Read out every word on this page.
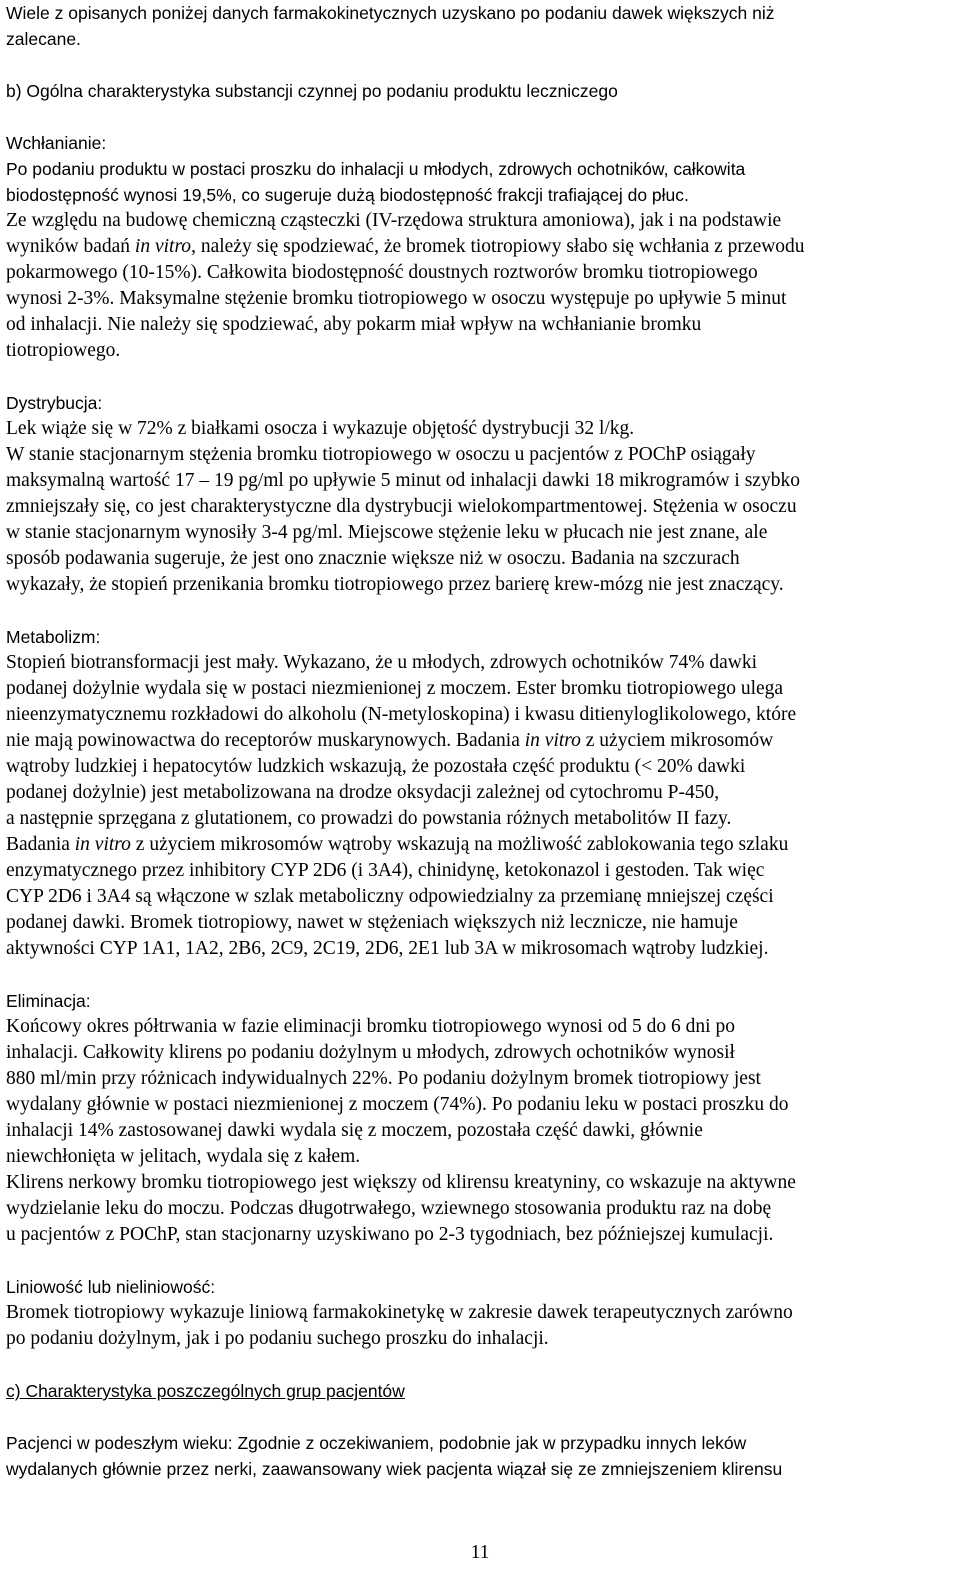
Wiele z opisanych poniżej danych farmakokinetycznych uzyskano po podaniu dawek większych niż
zalecane.
b) Ogólna charakterystyka substancji czynnej po podaniu produktu leczniczego
Wchłanianie:
Po podaniu produktu w postaci proszku do inhalacji u młodych, zdrowych ochotników, całkowita
biodostępność wynosi 19,5%, co sugeruje dużą biodostępność frakcji trafiającej do płuc.
Ze względu na budowę chemiczną cząsteczki (IV-rzędowa struktura amoniowa), jak i na podstawie
wyników badań in vitro, należy się spodziewać, że bromek tiotropiowy słabo się wchłania z przewodu
pokarmowego (10-15%). Całkowita biodostępność doustnych roztworów bromku tiotropiowego
wynosi 2-3%. Maksymalne stężenie bromku tiotropiowego w osoczu występuje po upływie 5 minut
od inhalacji. Nie należy się spodziewać, aby pokarm miał wpływ na wchłanianie bromku
tiotropiowego.
Dystrybucja:
Lek wiąże się w 72% z białkami osocza i wykazuje objętość dystrybucji 32 l/kg.
W stanie stacjonarnym stężenia bromku tiotropiowego w osoczu u pacjentów z POChP osiągały
maksymalną wartość 17 – 19 pg/ml po upływie 5 minut od inhalacji dawki 18 mikrogramów i szybko
zmniejszały się, co jest charakterystyczne dla dystrybucji wielokompartmentowej. Stężenia w osoczu
w stanie stacjonarnym wynosiły 3-4 pg/ml. Miejscowe stężenie leku w płucach nie jest znane, ale
sposób podawania sugeruje, że jest ono znacznie większe niż w osoczu. Badania na szczurach
wykazały, że stopień przenikania bromku tiotropiowego przez barierę krew-mózg nie jest znaczący.
Metabolizm:
Stopień biotransformacji jest mały. Wykazano, że u młodych, zdrowych ochotników 74% dawki
podanej dożylnie wydala się w postaci niezmienionej z moczem. Ester bromku tiotropiowego ulega
nieenzymatycznemu rozkładowi do alkoholu (N-metyloskopina) i kwasu ditienyloglikolowego, które
nie mają powinowactwa do receptorów muskarynowych. Badania in vitro z użyciem mikrosomów
wątroby ludzkiej i hepatocytów ludzkich wskazują, że pozostała część produktu (< 20% dawki
podanej dożylnie) jest metabolizowana na drodze oksydacji zależnej od cytochromu P-450,
a następnie sprzęgana z glutationem, co prowadzi do powstania różnych metabolitów II fazy.
Badania in vitro z użyciem mikrosomów wątroby wskazują na możliwość zablokowania tego szlaku
enzymatycznego przez inhibitory CYP 2D6 (i 3A4), chinidynę, ketokonazol i gestoden. Tak więc
CYP 2D6 i 3A4 są włączone w szlak metaboliczny odpowiedzialny za przemianę mniejszej części
podanej dawki. Bromek tiotropiowy, nawet w stężeniach większych niż lecznicze, nie hamuje
aktywności CYP 1A1, 1A2, 2B6, 2C9, 2C19, 2D6, 2E1 lub 3A w mikrosomach wątroby ludzkiej.
Eliminacja:
Końcowy okres półtrwania w fazie eliminacji bromku tiotropiowego wynosi od 5 do 6 dni po
inhalacji. Całkowity klirens po podaniu dożylnym u młodych, zdrowych ochotników wynosił
880 ml/min przy różnicach indywidualnych 22%. Po podaniu dożylnym bromek tiotropiowy jest
wydalany głównie w postaci niezmienionej z moczem (74%). Po podaniu leku w postaci proszku do
inhalacji 14% zastosowanej dawki wydala się z moczem, pozostała część dawki, głównie
niewchłonięta w jelitach, wydala się z kałem.
Klirens nerkowy bromku tiotropiowego jest większy od klirensu kreatyniny, co wskazuje na aktywne
wydzielanie leku do moczu. Podczas długotrwałego, wziewnego stosowania produktu raz na dobę
u pacjentów z POChP, stan stacjonarny uzyskiwano po 2-3 tygodniach, bez późniejszej kumulacji.
Liniowość lub nieliniowość:
Bromek tiotropiowy wykazuje liniową farmakokinetykę w zakresie dawek terapeutycznych zarówno
po podaniu dożylnym, jak i po podaniu suchego proszku do inhalacji.
c) Charakterystyka poszczególnych grup pacjentów
Pacjenci w podeszłym wieku: Zgodnie z oczekiwaniem, podobnie jak w przypadku innych leków
wydalanych głównie przez nerki, zaawansowany wiek pacjenta wiązał się ze zmniejszeniem klirensu
11
